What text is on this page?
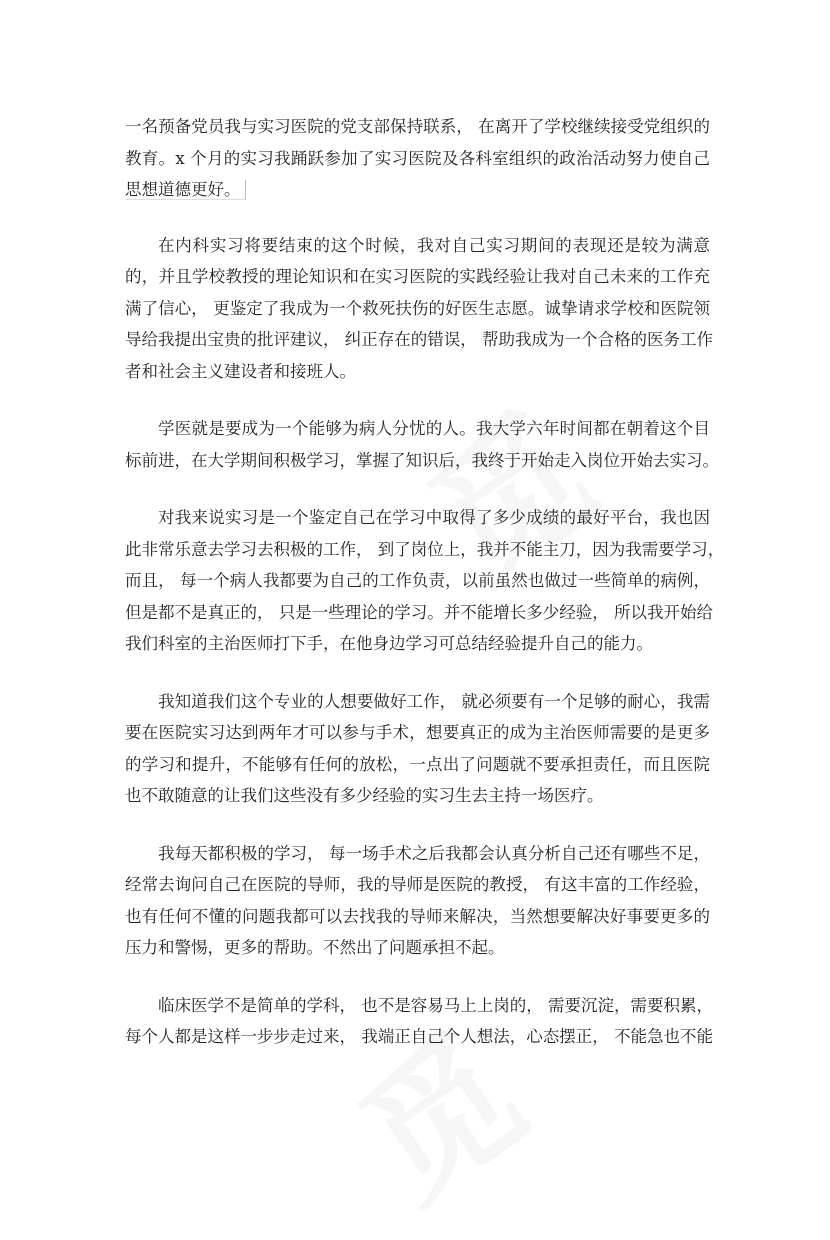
一名预备党员我与实习医院的党支部保持联系， 在离开了学校继续接受党组织的
教育。x 个月的实习我踊跃参加了实习医院及各科室组织的政治活动努力使自己
思想道德更好。
在内科实习将要结束的这个时候，我对自己实习期间的表现还是较为满意
的，并且学校教授的理论知识和在实习医院的实践经验让我对自己未来的工作充
满了信心， 更鉴定了我成为一个救死扶伤的好医生志愿。诚挚请求学校和医院领
导给我提出宝贵的批评建议， 纠正存在的错误， 帮助我成为一个合格的医务工作
者和社会主义建设者和接班人。
学医就是要成为一个能够为病人分忧的人。我大学六年时间都在朝着这个目
标前进，在大学期间积极学习，掌握了知识后，我终于开始走入岗位开始去实习。
对我来说实习是一个鉴定自己在学习中取得了多少成绩的最好平台，我也因
此非常乐意去学习去积极的工作， 到了岗位上，我并不能主刀，因为我需要学习，
而且， 每一个病人我都要为自己的工作负责，以前虽然也做过一些简单的病例，
但是都不是真正的， 只是一些理论的学习。并不能增长多少经验， 所以我开始给
我们科室的主治医师打下手，在他身边学习可总结经验提升自己的能力。
我知道我们这个专业的人想要做好工作， 就必须要有一个足够的耐心，我需
要在医院实习达到两年才可以参与手术，想要真正的成为主治医师需要的是更多
的学习和提升，不能够有任何的放松，一点出了问题就不要承担责任，而且医院
也不敢随意的让我们这些没有多少经验的实习生去主持一场医疗。
我每天都积极的学习， 每一场手术之后我都会认真分析自己还有哪些不足，
经常去询问自己在医院的导师，我的导师是医院的教授， 有这丰富的工作经验，
也有任何不懂的问题我都可以去找我的导师来解决，当然想要解决好事要更多的
压力和警惕，更多的帮助。不然出了问题承担不起。
临床医学不是简单的学科， 也不是容易马上上岗的， 需要沉淀，需要积累，
每个人都是这样一步步走过来， 我端正自己个人想法，心态摆正， 不能急也不能
